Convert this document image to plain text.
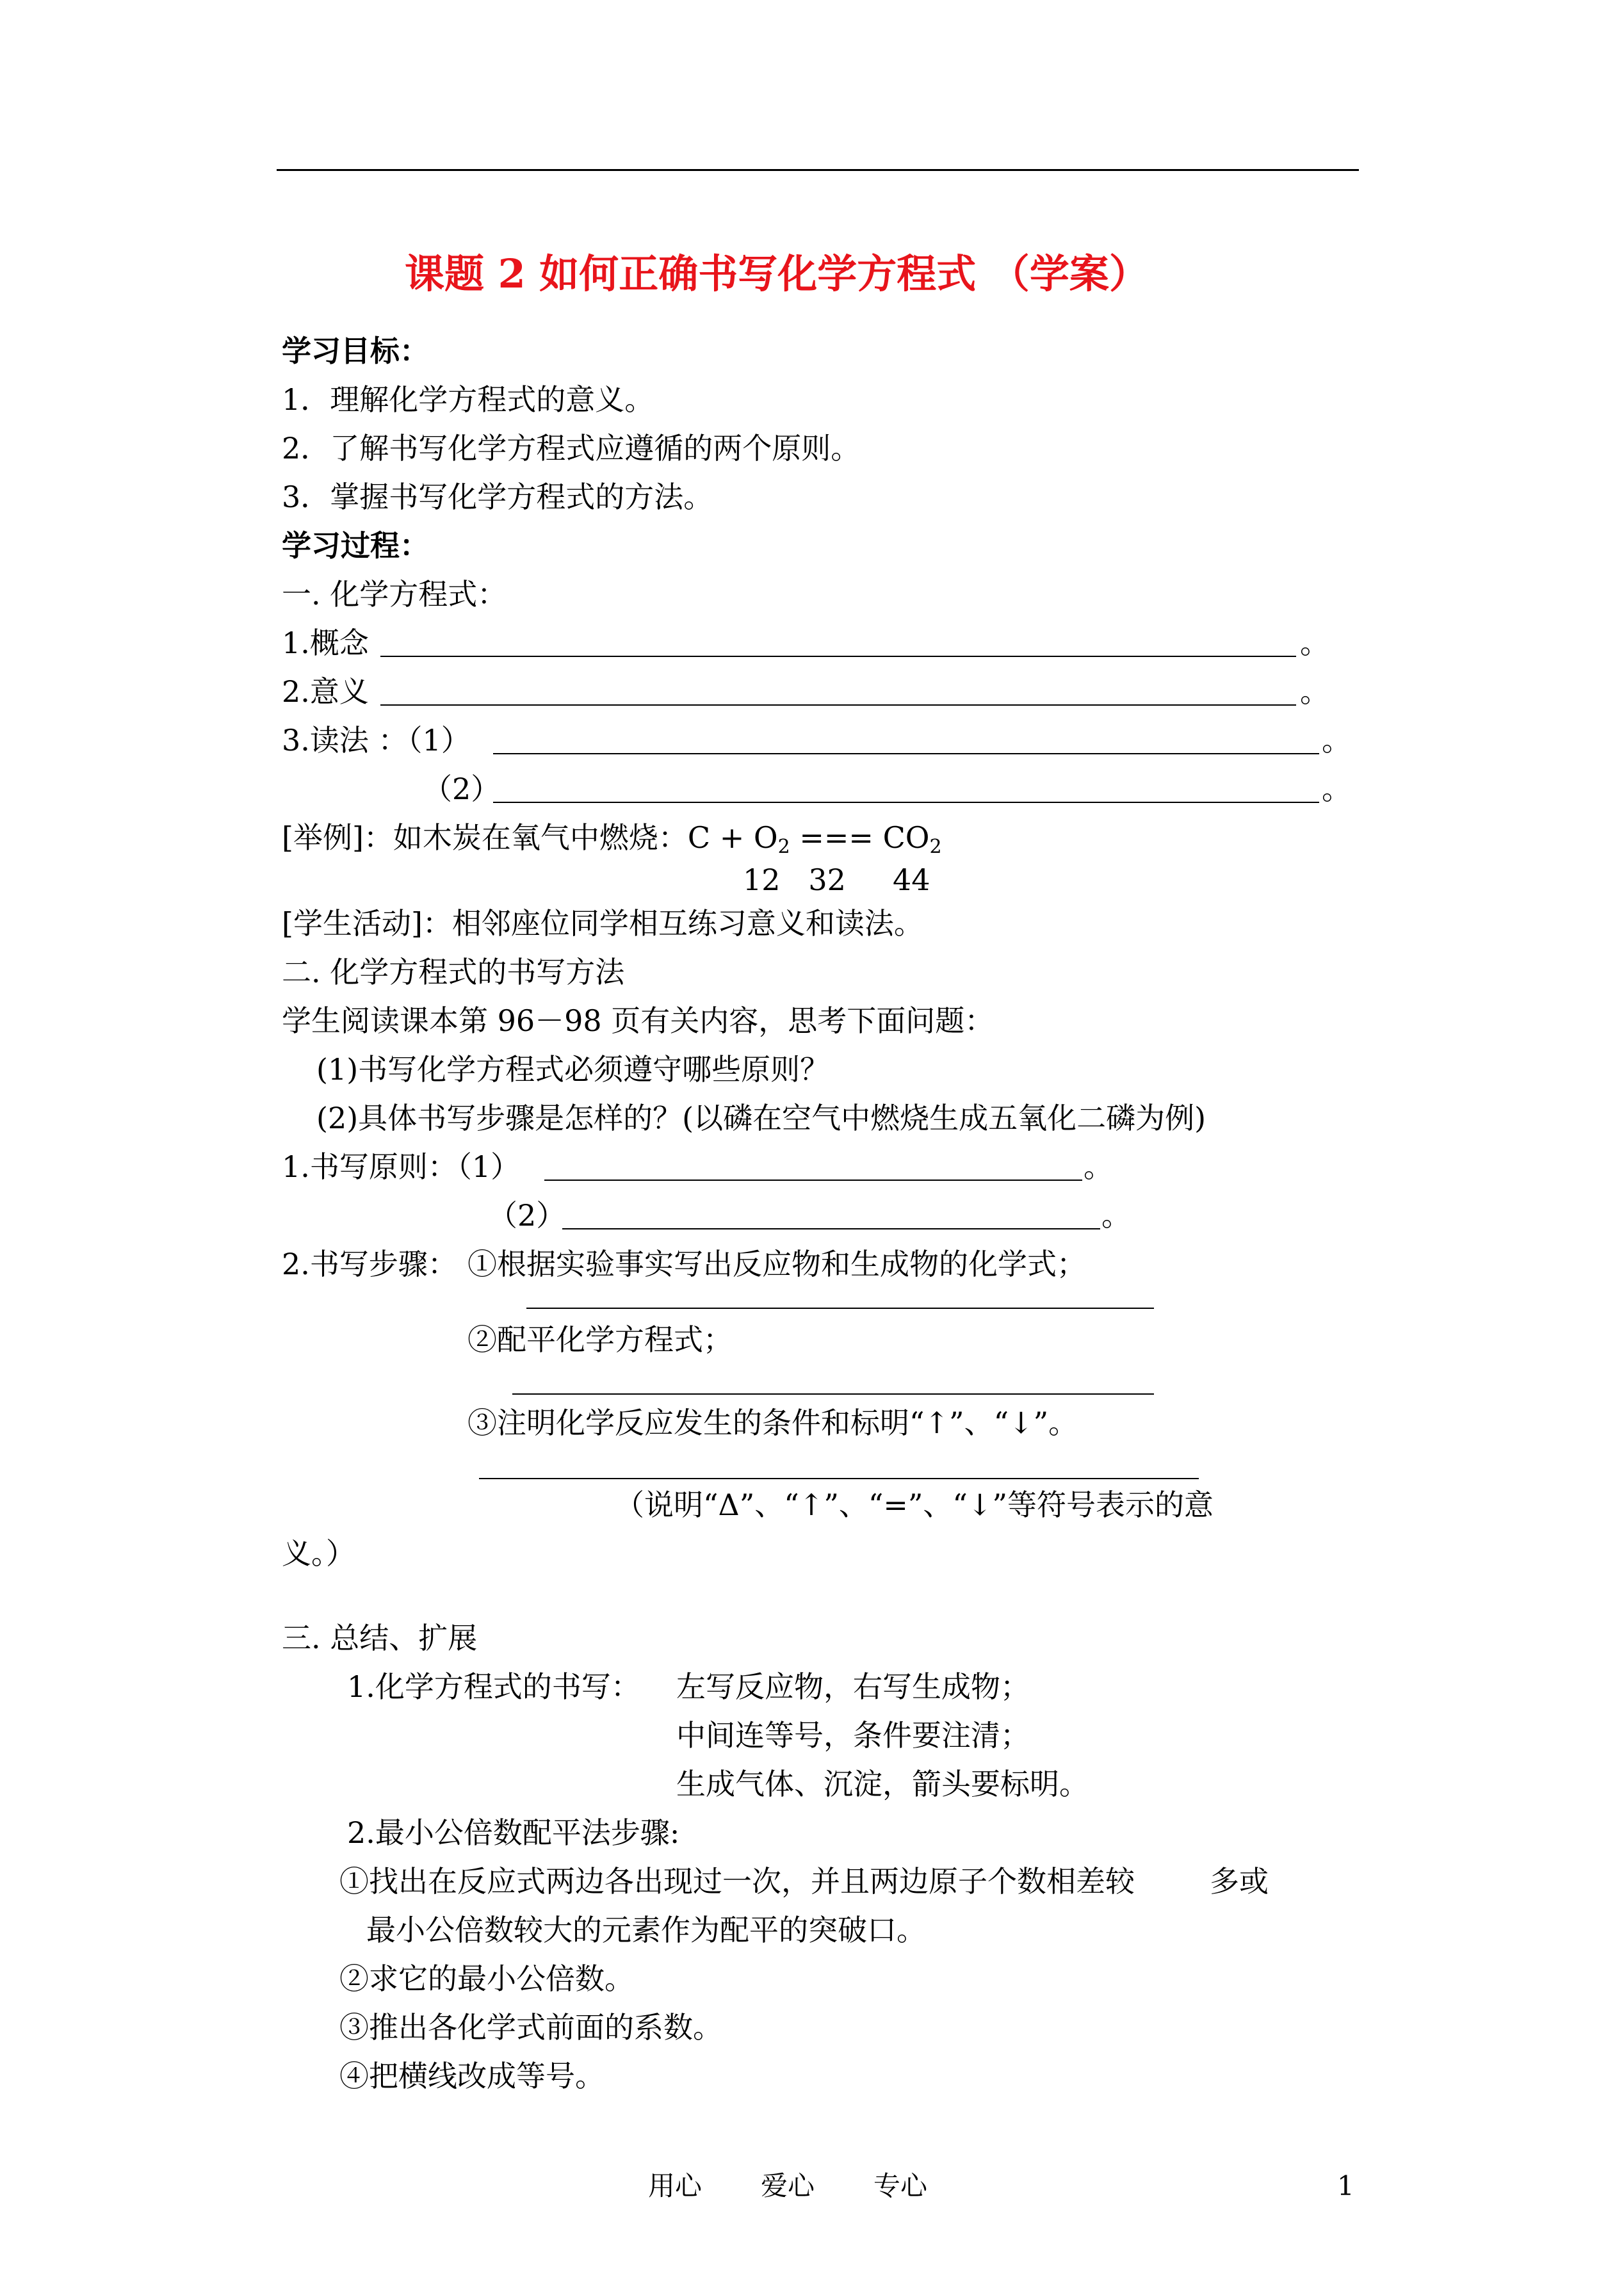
课题 2 如何正确书写化学方程式 （学案）
学习目标：
1．理解化学方程式的意义。
2．了解书写化学方程式应遵循的两个原则。
3．掌握书写化学方程式的方法。
学习过程：
一. 化学方程式：
1.概念	。
2.意义	。
3.读法 ：（1）	。
（2）	。
[举例]：如木炭在氧气中燃烧：$C + O_2$ === $CO_2$
12   32     44
[学生活动]：相邻座位同学相互练习意义和读法。
二. 化学方程式的书写方法
学生阅读课本第 96－98 页有关内容，思考下面问题：
(1)书写化学方程式必须遵守哪些原则？
(2)具体书写步骤是怎样的？(以磷在空气中燃烧生成五氧化二磷为例)
1.书写原则：（1）	。
（2）	。
2.书写步骤： ①根据实验事实写出反应物和生成物的化学式；
②配平化学方程式；
③注明化学反应发生的条件和标明“↑”、“↓”。
（说明“Δ”、“↑”、“=”、“↓”等符号表示的意
义。）
三. 总结、扩展
1.化学方程式的书写： 左写反应物，右写生成物；
中间连等号，条件要注清；
生成气体、沉淀，箭头要标明。
2.最小公倍数配平法步骤:
①找出在反应式两边各出现过一次，并且两边原子个数相差较        多或
最小公倍数较大的元素作为配平的突破口。
②求它的最小公倍数。
③推出各化学式前面的系数。
④把横线改成等号。
用心 爱心 专心	1
